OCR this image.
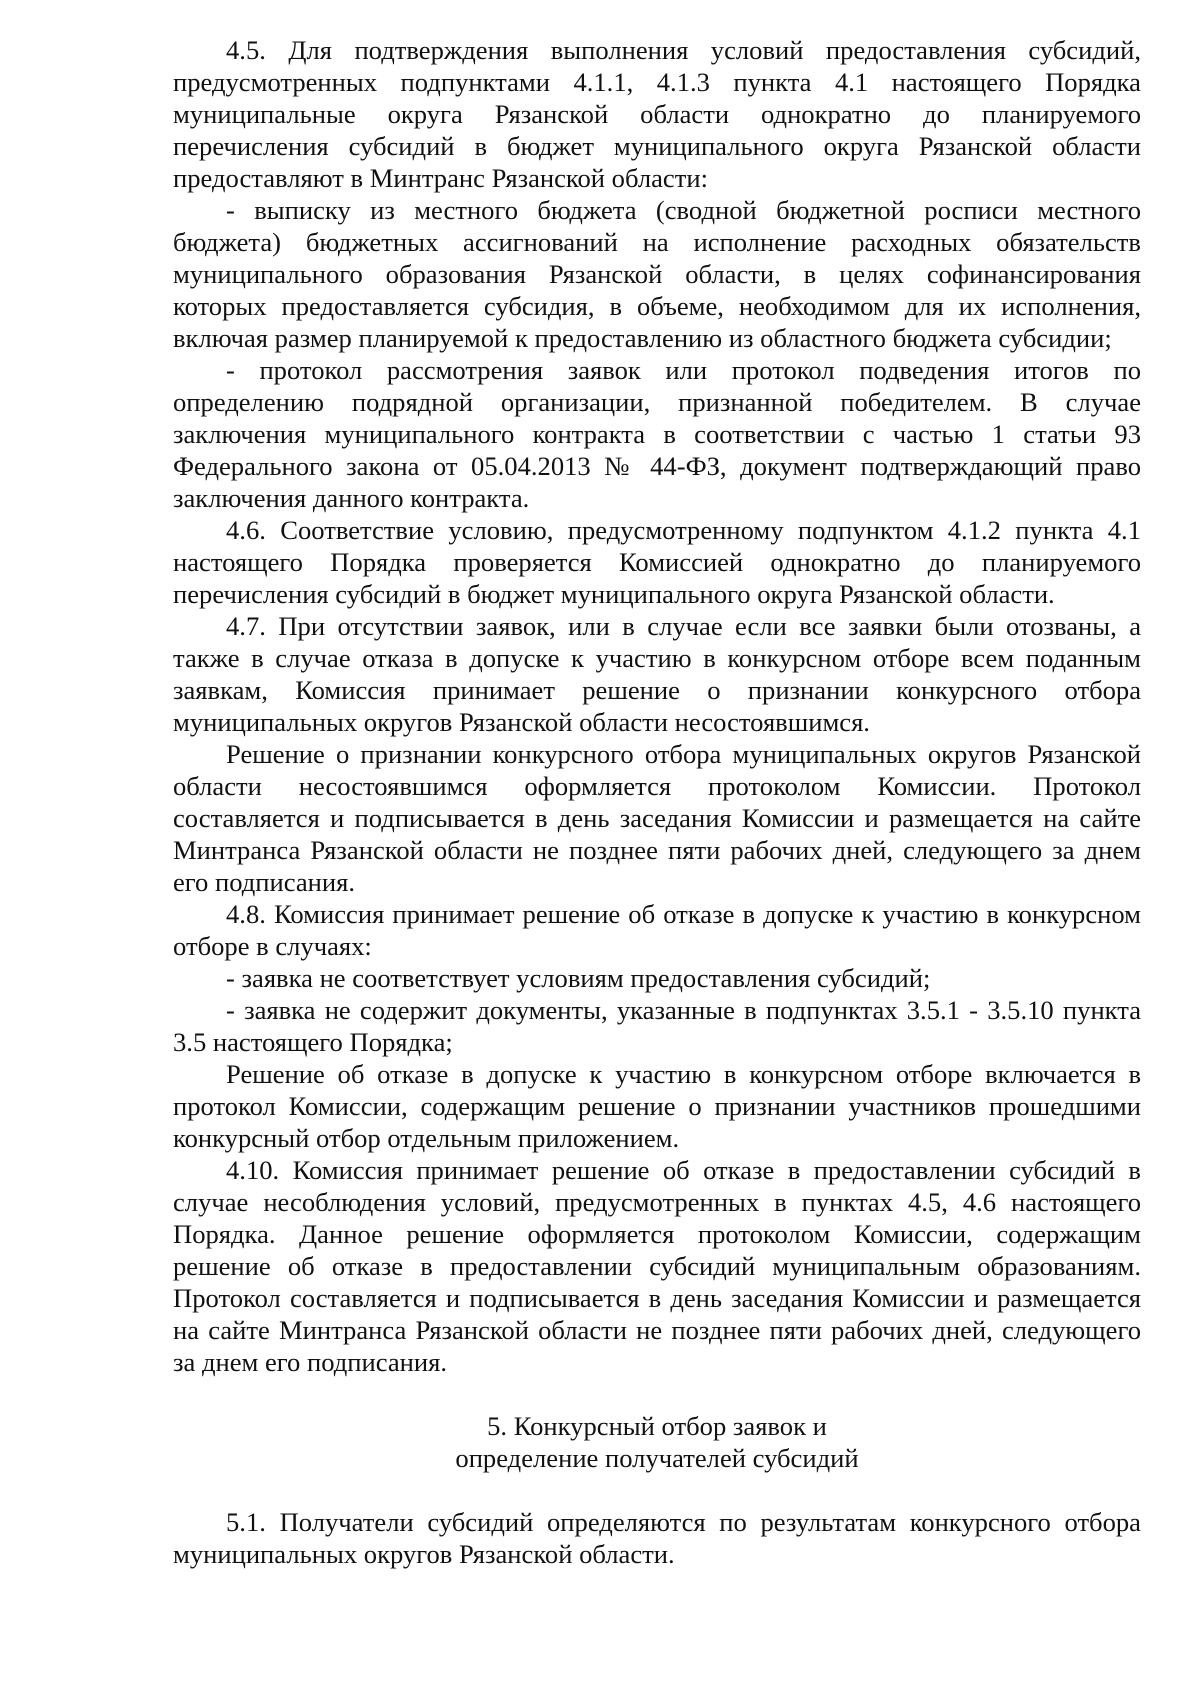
4.5. Для подтверждения выполнения условий предоставления субсидий, предусмотренных подпунктами 4.1.1, 4.1.3 пункта 4.1 настоящего Порядка муниципальные округа Рязанской области однократно до планируемого перечисления субсидий в бюджет муниципального округа Рязанской области предоставляют в Минтранс Рязанской области:

- выписку из местного бюджета (сводной бюджетной росписи местного бюджета) бюджетных ассигнований на исполнение расходных обязательств муниципального образования Рязанской области, в целях софинансирования которых предоставляется субсидия, в объеме, необходимом для их исполнения, включая размер планируемой к предоставлению из областного бюджета субсидии;

- протокол рассмотрения заявок или протокол подведения итогов по определению подрядной организации, признанной победителем. В случае заключения муниципального контракта в соответствии с частью 1 статьи 93 Федерального закона от 05.04.2013 № 44-ФЗ, документ подтверждающий право заключения данного контракта.

4.6. Соответствие условию, предусмотренному подпунктом 4.1.2 пункта 4.1 настоящего Порядка проверяется Комиссией однократно до планируемого перечисления субсидий в бюджет муниципального округа Рязанской области.

4.7. При отсутствии заявок, или в случае если все заявки были отозваны, а также в случае отказа в допуске к участию в конкурсном отборе всем поданным заявкам, Комиссия принимает решение о признании конкурсного отбора муниципальных округов Рязанской области несостоявшимся.

Решение о признании конкурсного отбора муниципальных округов Рязанской области несостоявшимся оформляется протоколом Комиссии. Протокол составляется и подписывается в день заседания Комиссии и размещается на сайте Минтранса Рязанской области не позднее пяти рабочих дней, следующего за днем его подписания.

4.8. Комиссия принимает решение об отказе в допуске к участию в конкурсном отборе в случаях:

- заявка не соответствует условиям предоставления субсидий;

- заявка не содержит документы, указанные в подпунктах 3.5.1 - 3.5.10 пункта 3.5 настоящего Порядка;

Решение об отказе в допуске к участию в конкурсном отборе включается в протокол Комиссии, содержащим решение о признании участников прошедшими конкурсный отбор отдельным приложением.

4.10. Комиссия принимает решение об отказе в предоставлении субсидий в случае несоблюдения условий, предусмотренных в пунктах 4.5, 4.6 настоящего Порядка. Данное решение оформляется протоколом Комиссии, содержащим решение об отказе в предоставлении субсидий муниципальным образованиям. Протокол составляется и подписывается в день заседания Комиссии и размещается на сайте Минтранса Рязанской области не позднее пяти рабочих дней, следующего за днем его подписания.

5. Конкурсный отбор заявок и
определение получателей субсидий

5.1. Получатели субсидий определяются по результатам конкурсного отбора муниципальных округов Рязанской области.
